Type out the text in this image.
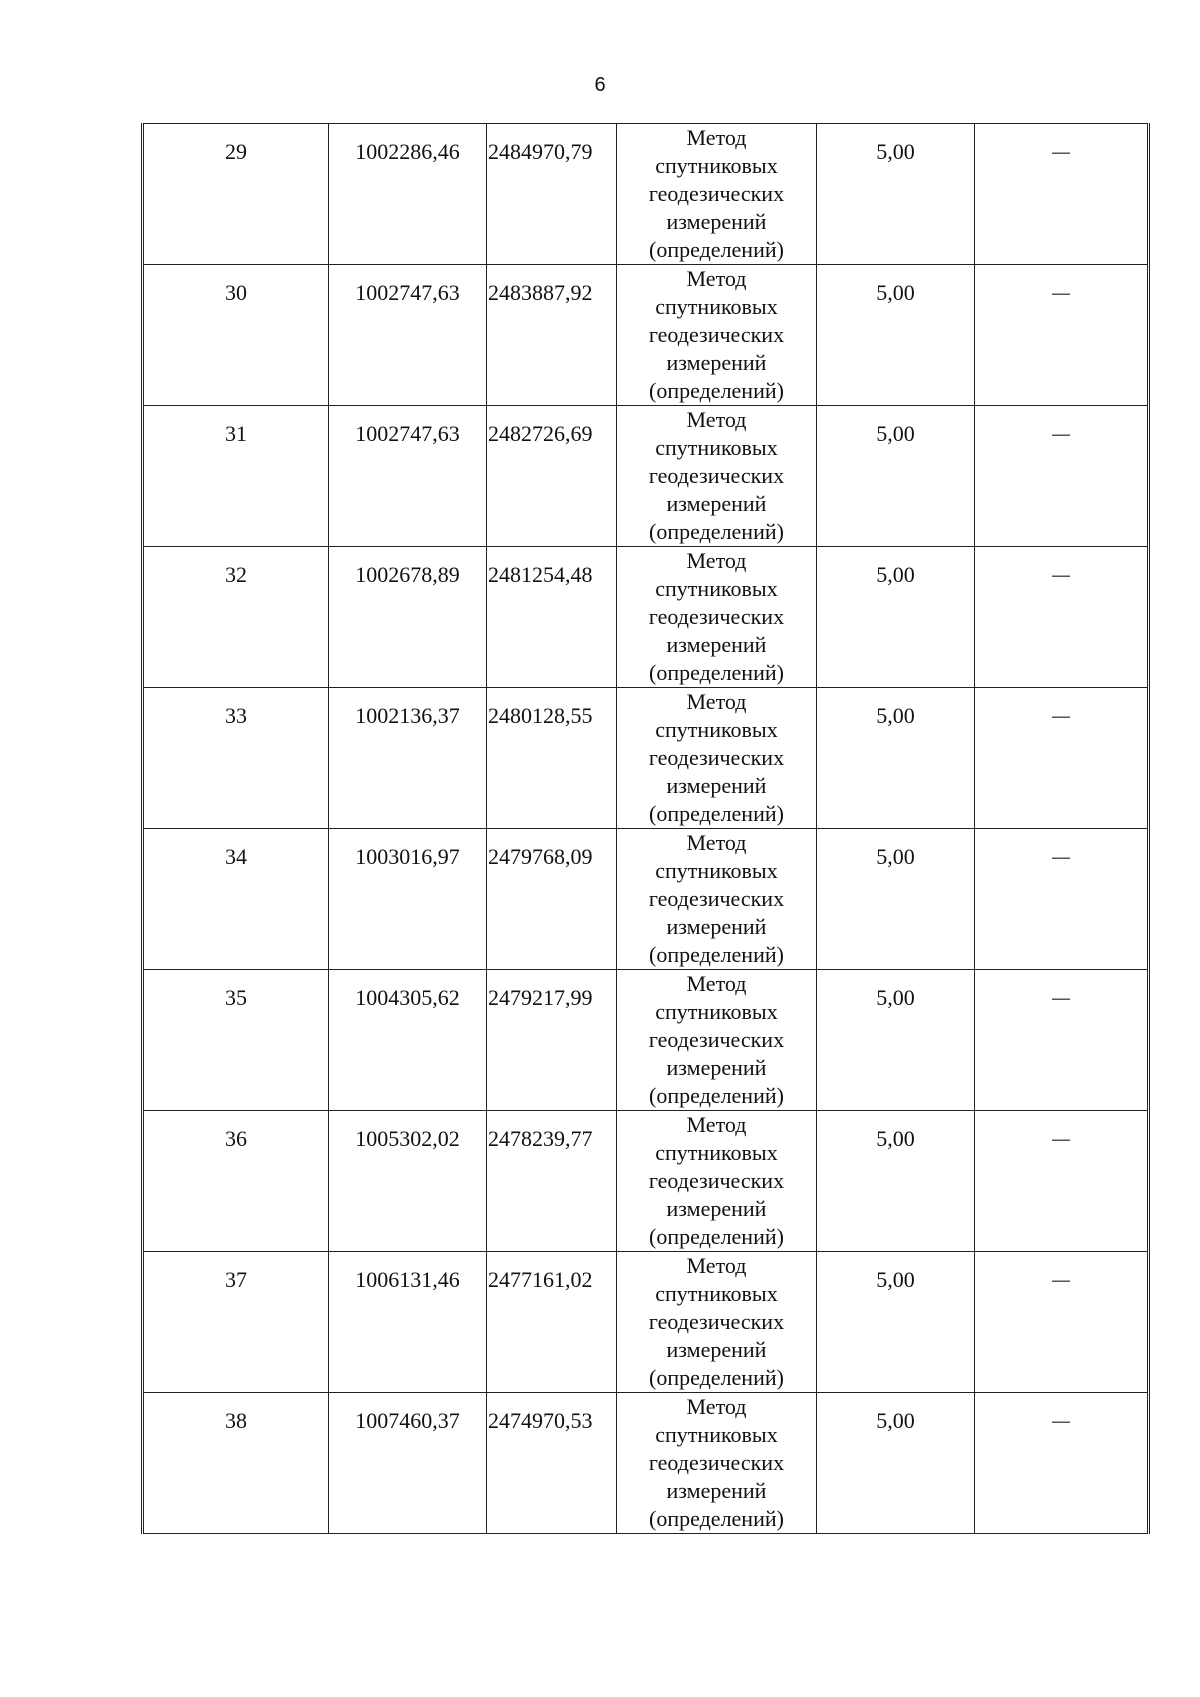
6
29	1002286,46	2484970,79	Метод спутниковых геодезических измерений (определений)	5,00	—

30	1002747,63	2483887,92	Метод спутниковых геодезических измерений (определений)	5,00	—

31	1002747,63	2482726,69	Метод спутниковых геодезических измерений (определений)	5,00	—

32	1002678,89	2481254,48	Метод спутниковых геодезических измерений (определений)	5,00	—

33	1002136,37	2480128,55	Метод спутниковых геодезических измерений (определений)	5,00	—

34	1003016,97	2479768,09	Метод спутниковых геодезических измерений (определений)	5,00	—

35	1004305,62	2479217,99	Метод спутниковых геодезических измерений (определений)	5,00	—

36	1005302,02	2478239,77	Метод спутниковых геодезических измерений (определений)	5,00	—

37	1006131,46	2477161,02	Метод спутниковых геодезических измерений (определений)	5,00	—

38	1007460,37	2474970,53	Метод спутниковых геодезических измерений (определений)	5,00	—
